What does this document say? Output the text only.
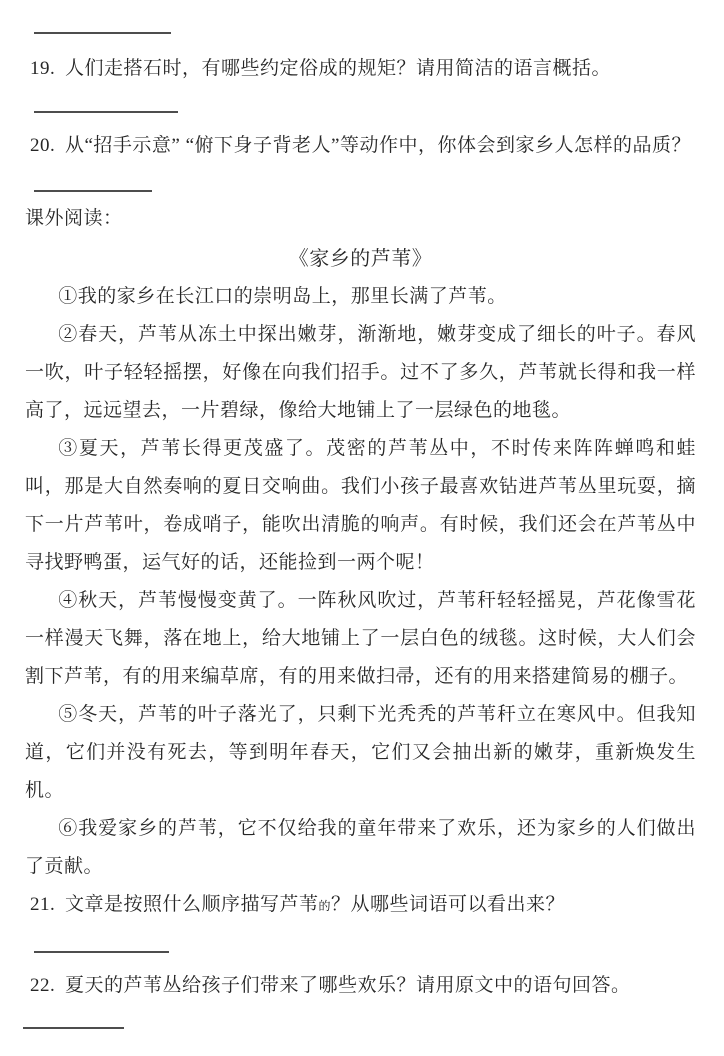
19. 人们走搭石时，有哪些约定俗成的规矩？请用简洁的语言概括。
20. 从“招手示意” “俯下身子背老人”等动作中，你体会到家乡人怎样的品质？
课外阅读：
《家乡的芦苇》

①我的家乡在长江口的崇明岛上，那里长满了芦苇。

②春天，芦苇从冻土中探出嫩芽，渐渐地，嫩芽变成了细长的叶子。春风一吹，叶子轻轻摇摆，好像在向我们招手。过不了多久，芦苇就长得和我一样高了，远远望去，一片碧绿，像给大地铺上了一层绿色的地毯。

③夏天，芦苇长得更茂盛了。茂密的芦苇丛中，不时传来阵阵蝉鸣和蛙叫，那是大自然奏响的夏日交响曲。我们小孩子最喜欢钻进芦苇丛里玩耍，摘下一片芦苇叶，卷成哨子，能吹出清脆的响声。有时候，我们还会在芦苇丛中寻找野鸭蛋，运气好的话，还能捡到一两个呢！

④秋天，芦苇慢慢变黄了。一阵秋风吹过，芦苇秆轻轻摇晃，芦花像雪花一样漫天飞舞，落在地上，给大地铺上了一层白色的绒毯。这时候，大人们会割下芦苇，有的用来编草席，有的用来做扫帚，还有的用来搭建简易的棚子。

⑤冬天，芦苇的叶子落光了，只剩下光秃秃的芦苇秆立在寒风中。但我知道，它们并没有死去，等到明年春天，它们又会抽出新的嫩芽，重新焕发生机。

⑥我爱家乡的芦苇，它不仅给我的童年带来了欢乐，还为家乡的人们做出了贡献。

21. 文章是按照什么顺序描写芦苇的？从哪些词语可以看出来？
22. 夏天的芦苇丛给孩子们带来了哪些欢乐？请用原文中的语句回答。
